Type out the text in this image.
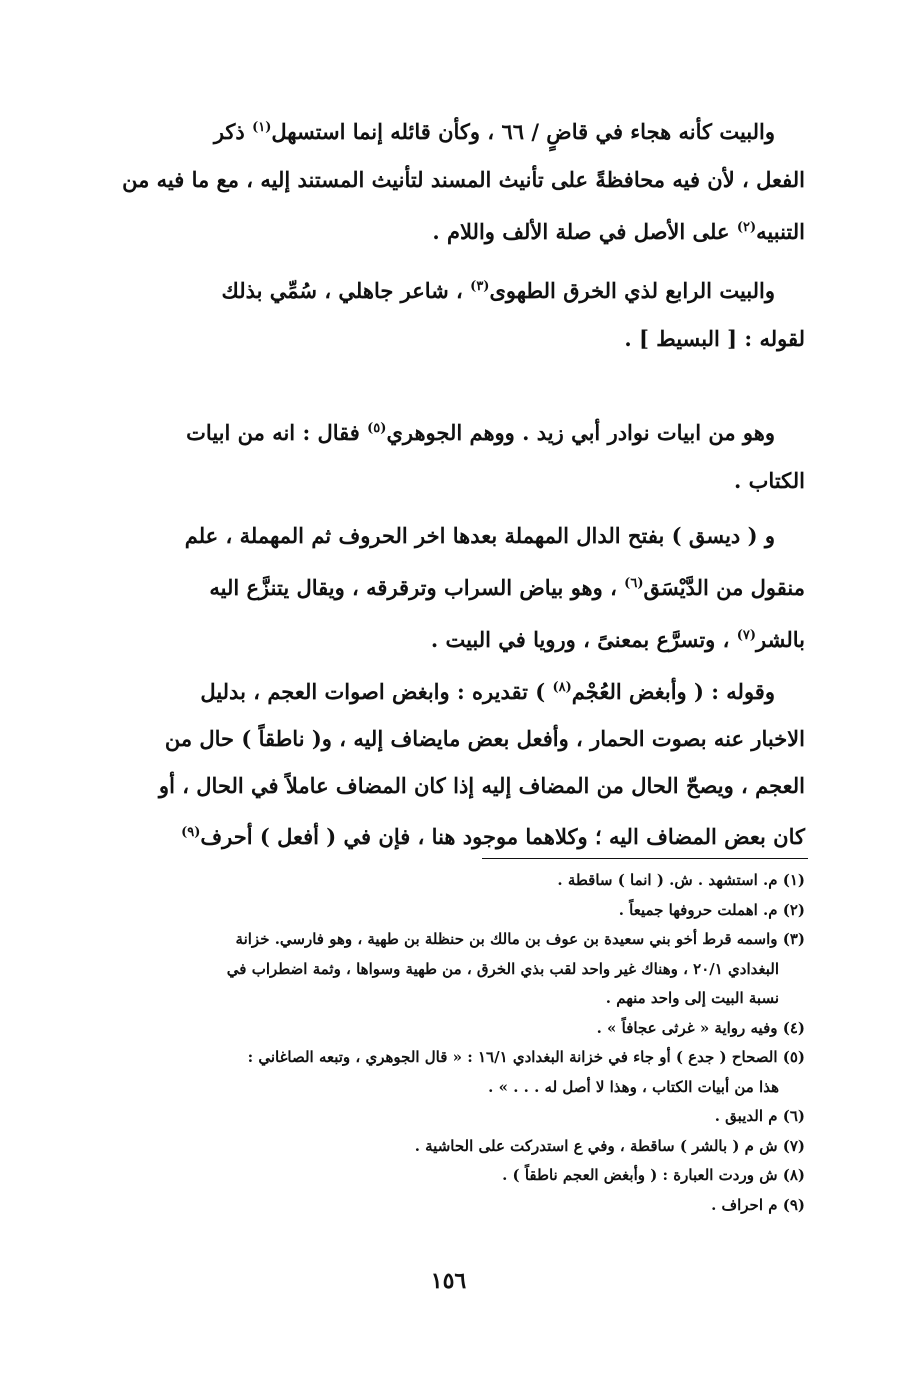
والبيت كأنه هجاء في قاضٍ / ٦٦ ، وكأن قائله إنما استسهل$^{(١)}$ ذكر

الفعل ، لأن فيه محافظةً على تأنيث المسند لتأنيث المستند إليه ، مع ما فيه من

التنبيه$^{(٢)}$ على الأصل في صلة الألف واللام .

والبيت الرابع لذي الخرق الطهوى$^{(٣)}$ ، شاعر جاهلي ، سُمِّي بذلك

لقوله : [ البسيط ] .

وهو من ابيات نوادر أبي زيد . ووهم الجوهري$^{(٥)}$ فقال : انه من ابيات

الكتاب .

و ( ديسق ) بفتح الدال المهملة بعدها اخر الحروف ثم المهملة ، علم

منقول من الدَّيْسَق$^{(٦)}$ ، وهو بياض السراب وترقرقه ، ويقال يتنزَّع اليه

بالشر$^{(٧)}$ ، وتسرَّع بمعنىً ، ورويا في البيت .

وقوله : ( وأبغض العُجْم$^{(٨)}$ ) تقديره : وابغض اصوات العجم ، بدليل

الاخبار عنه بصوت الحمار ، وأفعل بعض مايضاف إليه ، و( ناطقاً ) حال من

العجم ، ويصحّ الحال من المضاف إليه إذا كان المضاف عاملاً في الحال ، أو

كان بعض المضاف اليه ؛ وكلاهما موجود هنا ، فإن في ( أفعل ) أحرف$^{(٩)}$

(١) م. استشهد . ش. ( انما ) ساقطة .

(٢) م. اهملت حروفها جميعاً .

(٣) واسمه قرط أخو بني سعيدة بن عوف بن مالك بن حنظلة بن طهية ، وهو فارسي. خزانة

البغدادي ٢٠/١ ، وهناك غير واحد لقب بذي الخرق ، من طهية وسواها ، وثمة اضطراب في

نسبة البيت إلى واحد منهم .

(٤) وفيه رواية « غرثى عجافاً » .

(٥) الصحاح ( جدع ) أو جاء في خزانة البغدادي ١٦/١ : « قال الجوهري ، وتبعه الصاغاني :

هذا من أبيات الكتاب ، وهذا لا أصل له . . . » .

(٦) م الديبق .

(٧) ش م ( بالشر ) ساقطة ، وفي ع استدركت على الحاشية .

(٨) ش وردت العبارة : ( وأبغض العجم ناطقاً ) .

(٩) م احراف .

١٥٦
